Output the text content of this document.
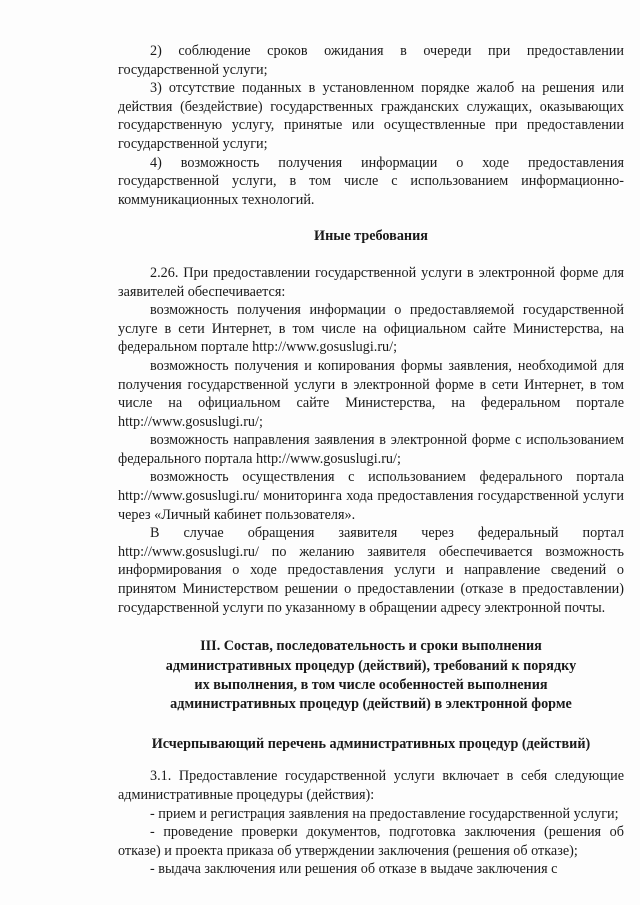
2) соблюдение сроков ожидания в очереди при предоставлении государственной услуги;

3) отсутствие поданных в установленном порядке жалоб на решения или действия (бездействие) государственных гражданских служащих, оказывающих государственную услугу, принятые или осуществленные при предоставлении государственной услуги;

4) возможность получения информации о ходе предоставления государственной услуги, в том числе с использованием информационно-коммуникационных технологий.

Иные требования

2.26. При предоставлении государственной услуги в электронной форме для заявителей обеспечивается:

возможность получения информации о предоставляемой государственной услуге в сети Интернет, в том числе на официальном сайте Министерства, на федеральном портале http://www.gosuslugi.ru/;

возможность получения и копирования формы заявления, необходимой для получения государственной услуги в электронной форме в сети Интернет, в том числе на официальном сайте Министерства, на федеральном портале http://www.gosuslugi.ru/;

возможность направления заявления в электронной форме с использованием федерального портала http://www.gosuslugi.ru/;

возможность осуществления с использованием федерального портала http://www.gosuslugi.ru/ мониторинга хода предоставления государственной услуги через «Личный кабинет пользователя».

В случае обращения заявителя через федеральный портал http://www.gosuslugi.ru/ по желанию заявителя обеспечивается возможность информирования о ходе предоставления услуги и направление сведений о принятом Министерством решении о предоставлении (отказе в предоставлении) государственной услуги по указанному в обращении адресу электронной почты.

III. Состав, последовательность и сроки выполнения
административных процедур (действий), требований к порядку
их выполнения, в том числе особенностей выполнения
административных процедур (действий) в электронной форме

Исчерпывающий перечень административных процедур (действий)

3.1. Предоставление государственной услуги включает в себя следующие административные процедуры (действия):

- прием и регистрация заявления на предоставление государственной услуги;

- проведение проверки документов, подготовка заключения (решения об отказе) и проекта приказа об утверждении заключения (решения об отказе);

- выдача заключения или решения об отказе в выдаче заключения с
